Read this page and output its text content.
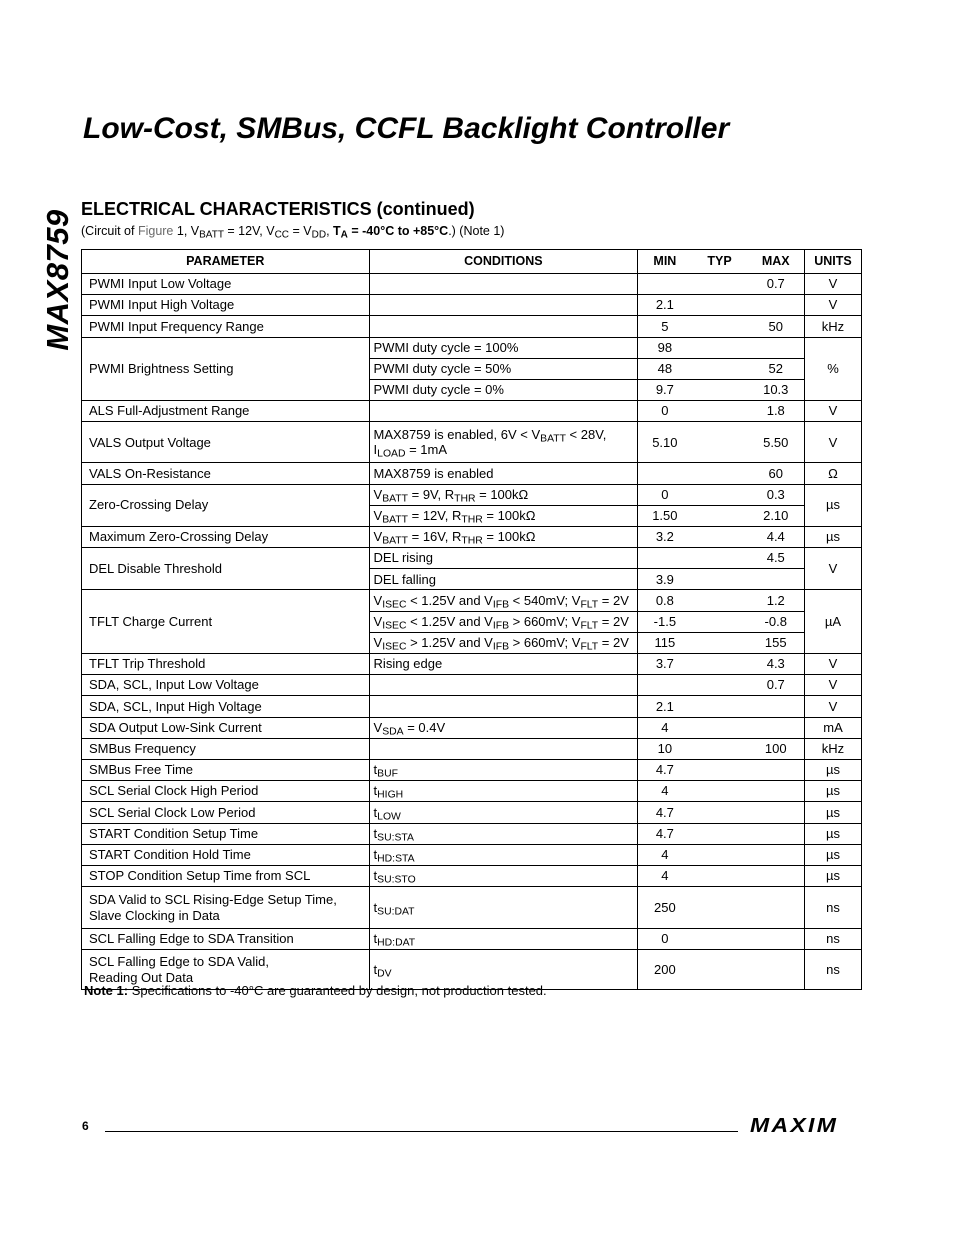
MAX8759
Low-Cost, SMBus, CCFL Backlight Controller
ELECTRICAL CHARACTERISTICS (continued)
(Circuit of Figure 1, $V_{BATT} = 12V$, $V_{CC} = V_{DD}$, $T_A = -40^\circ C$ to +85°C.) (Note 1)
PARAMETER	CONDITIONS	MIN	TYP	MAX	UNITS
PWMI Input Low Voltage				0.7	V
PWMI Input High Voltage		2.1			V
PWMI Input Frequency Range		5		50	kHz
PWMI Brightness Setting	PWMI duty cycle = 100%	98			%
	PWMI duty cycle = 50%	48		52	
	PWMI duty cycle = 0%	9.7		10.3	
ALS Full-Adjustment Range		0		1.8	V
VALS Output Voltage	MAX8759 is enabled, $6V < V_{BATT} < 28V$,
$I_{LOAD} = 1mA$	5.10		5.50	V
VALS On-Resistance	MAX8759 is enabled			60	Ω
Zero-Crossing Delay	$V_{BATT} = 9V$, $R_{THR} = 100k\Omega$	0		0.3	µs
	$V_{BATT} = 12V$, $R_{THR} = 100k\Omega$	1.50		2.10	
Maximum Zero-Crossing Delay	$V_{BATT} = 16V$, $R_{THR} = 100k\Omega$	3.2		4.4	µs
DEL Disable Threshold	DEL rising			4.5	V
	DEL falling	3.9			
TFLT Charge Current	$V_{ISEC} < 1.25V$ and $V_{IFB} < 540mV$; $V_{FLT} = 2V$	0.8		1.2	µA
	$V_{ISEC} < 1.25V$ and $V_{IFB} > 660mV$; $V_{FLT} = 2V$	-1.5		-0.8	
	$V_{ISEC} > 1.25V$ and $V_{IFB} > 660mV$; $V_{FLT} = 2V$	115		155	
TFLT Trip Threshold	Rising edge	3.7		4.3	V
SDA, SCL, Input Low Voltage				0.7	V
SDA, SCL, Input High Voltage		2.1			V
SDA Output Low-Sink Current	$V_{SDA} = 0.4V$	4			mA
SMBus Frequency		10		100	kHz
SMBus Free Time	$t_{BUF}$	4.7			µs
SCL Serial Clock High Period	$t_{HIGH}$	4			µs
SCL Serial Clock Low Period	$t_{LOW}$	4.7			µs
START Condition Setup Time	$t_{SU:STA}$	4.7			µs
START Condition Hold Time	$t_{HD:STA}$	4			µs
STOP Condition Setup Time from SCL	$t_{SU:STO}$	4			µs
SDA Valid to SCL Rising-Edge Setup Time,
Slave Clocking in Data	$t_{SU:DAT}$	250			ns
SCL Falling Edge to SDA Transition	$t_{HD:DAT}$	0			ns
SCL Falling Edge to SDA Valid,
Reading Out Data	$t_{DV}$	200			ns
Note 1: Specifications to -40°C are guaranteed by design, not production tested.
6	MAXIM
